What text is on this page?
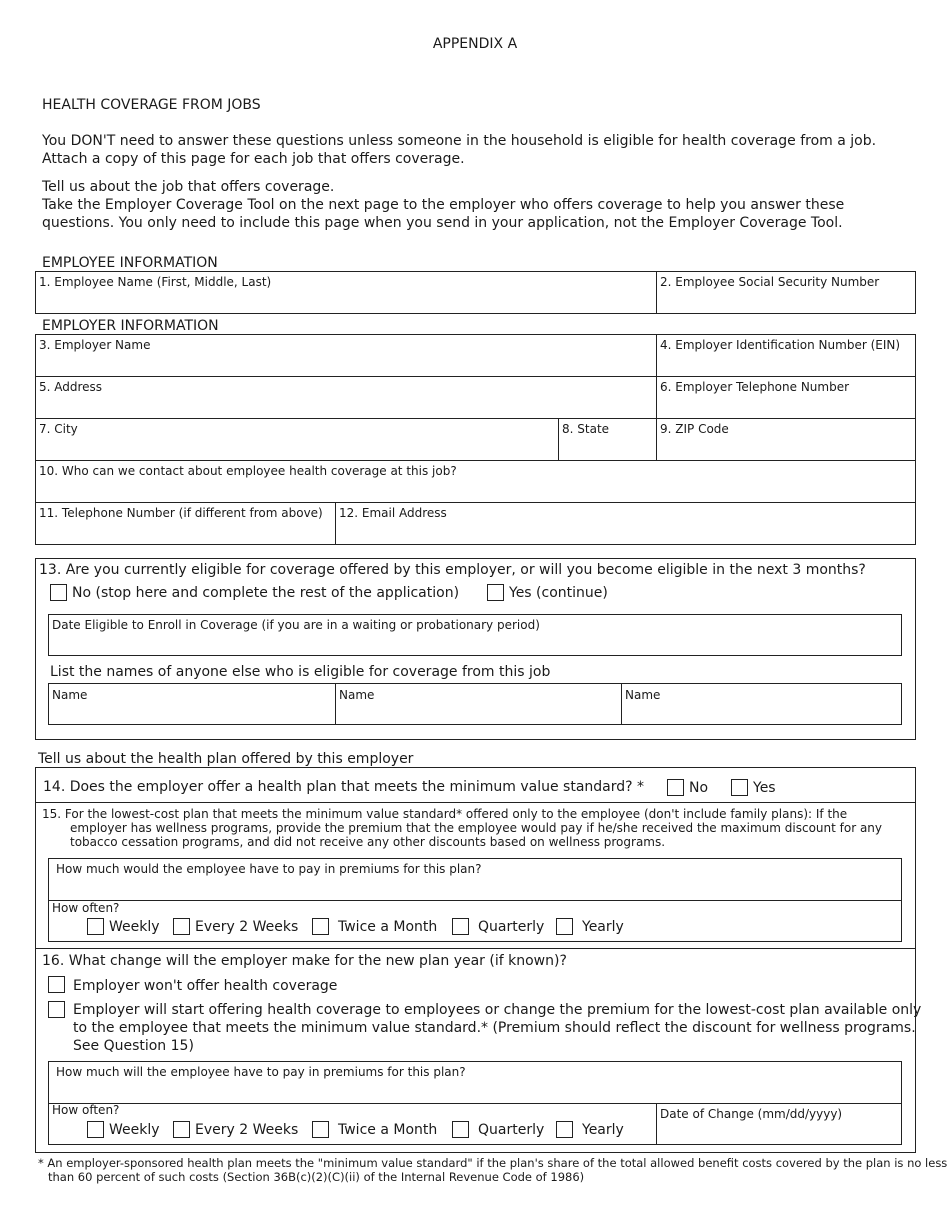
APPENDIX A
HEALTH COVERAGE FROM JOBS
You DON'T need to answer these questions unless someone in the household is eligible for health coverage from a job.
Attach a copy of this page for each job that offers coverage.
Tell us about the job that offers coverage.
Take the Employer Coverage Tool on the next page to the employer who offers coverage to help you answer these
questions. You only need to include this page when you send in your application, not the Employer Coverage Tool.
EMPLOYEE INFORMATION
1. Employee Name (First, Middle, Last)	2. Employee Social Security Number
EMPLOYER INFORMATION
3. Employer Name	4. Employer Identification Number (EIN)
5. Address	6. Employer Telephone Number
7. City	8. State	9. ZIP Code
10. Who can we contact about employee health coverage at this job?
11. Telephone Number (if different from above) 12. Email Address
13. Are you currently eligible for coverage offered by this employer, or will you become eligible in the next 3 months?
No (stop here and complete the rest of the application)	Yes (continue)
Date Eligible to Enroll in Coverage (if you are in a waiting or probationary period)
List the names of anyone else who is eligible for coverage from this job
Name	Name	Name
Tell us about the health plan offered by this employer
14. Does the employer offer a health plan that meets the minimum value standard? *	No	Yes
15. For the lowest-cost plan that meets the minimum value standard* offered only to the employee (don't include family plans): If the
employer has wellness programs, provide the premium that the employee would pay if he/she received the maximum discount for any
tobacco cessation programs, and did not receive any other discounts based on wellness programs.
How much would the employee have to pay in premiums for this plan?
How often?
Weekly	Every 2 Weeks	Twice a Month	Quarterly	Yearly
16. What change will the employer make for the new plan year (if known)?
Employer won't offer health coverage
Employer will start offering health coverage to employees or change the premium for the lowest-cost plan available only
to the employee that meets the minimum value standard.* (Premium should reflect the discount for wellness programs.
See Question 15)
How much will the employee have to pay in premiums for this plan?
How often?	Date of Change (mm/dd/yyyy)
Weekly	Every 2 Weeks	Twice a Month	Quarterly	Yearly
* An employer-sponsored health plan meets the "minimum value standard" if the plan's share of the total allowed benefit costs covered by the plan is no less
than 60 percent of such costs (Section 36B(c)(2)(C)(ii) of the Internal Revenue Code of 1986)
